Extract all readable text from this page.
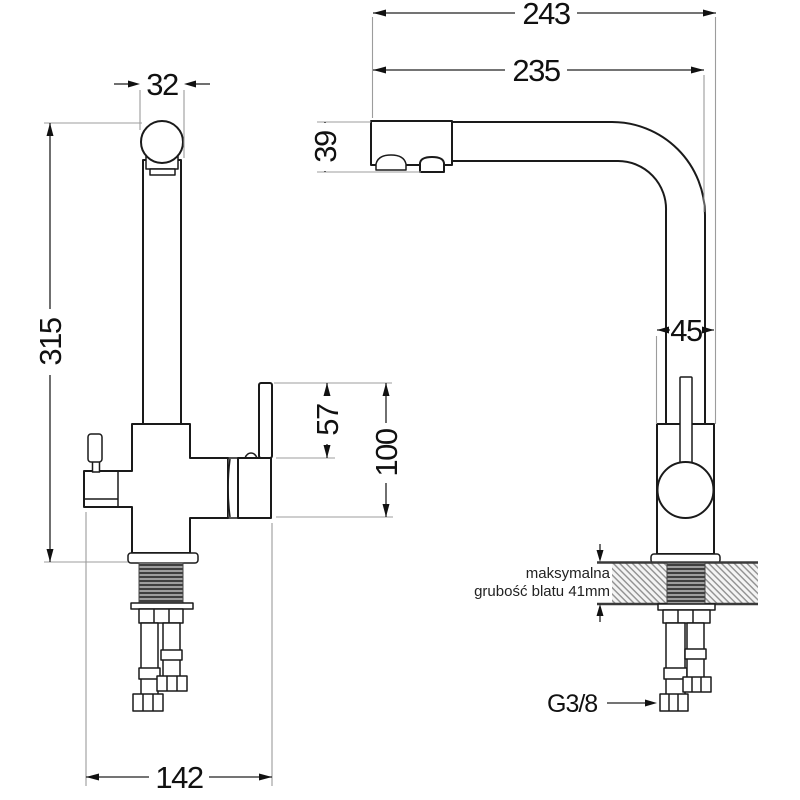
32
315
57
100
142
243
235
39
45
maksymalna
grubość blatu 41mm
G3/8
